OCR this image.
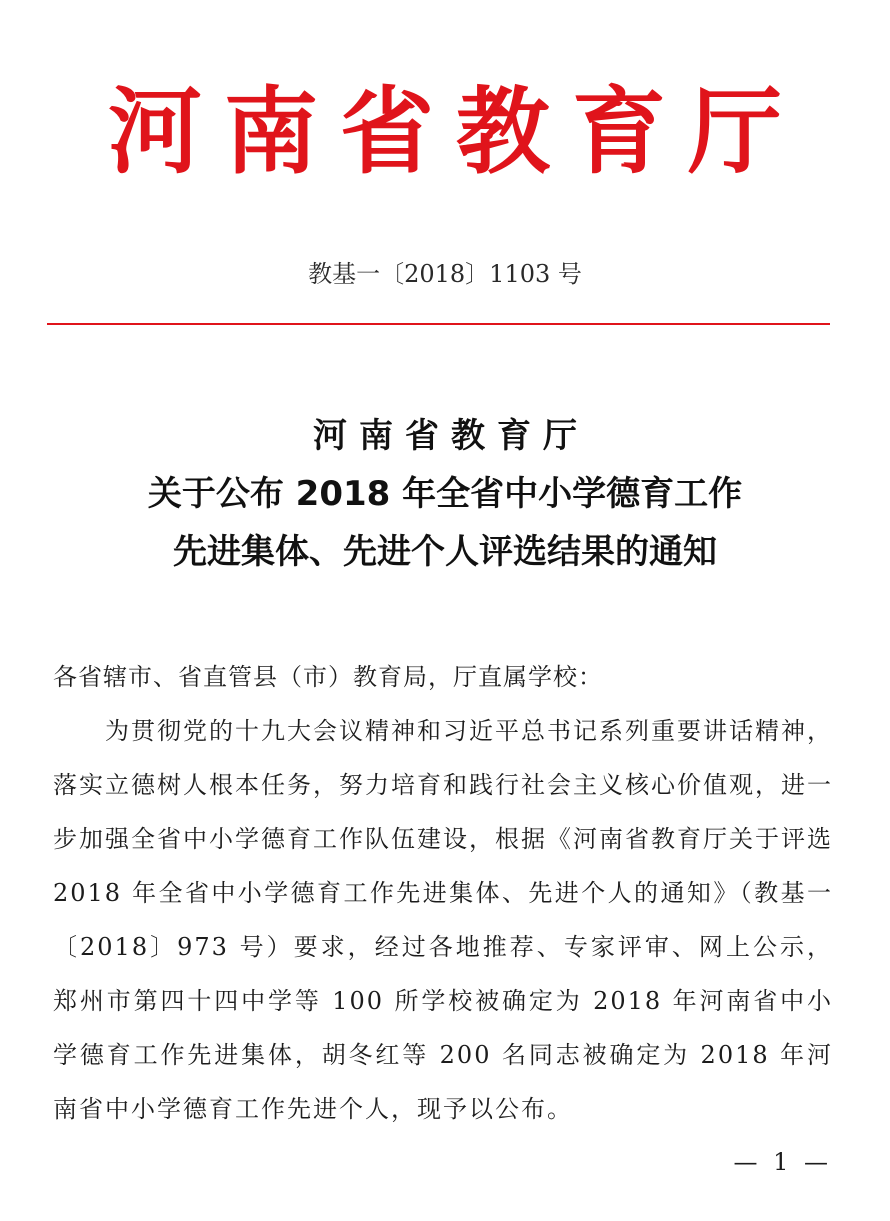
河南省教育厅
教基一〔2018〕1103 号
河南省教育厅
关于公布 2018 年全省中小学德育工作
先进集体、先进个人评选结果的通知

各省辖市、省直管县（市）教育局，厅直属学校：

为贯彻党的十九大会议精神和习近平总书记系列重要讲话精神，落实立德树人根本任务，努力培育和践行社会主义核心价值观，进一步加强全省中小学德育工作队伍建设，根据《河南省教育厅关于评选 2018 年全省中小学德育工作先进集体、先进个人的通知》（教基一〔2018〕973 号）要求，经过各地推荐、专家评审、网上公示，郑州市第四十四中学等 100 所学校被确定为 2018 年河南省中小学德育工作先进集体，胡冬红等 200 名同志被确定为 2018 年河南省中小学德育工作先进个人，现予以公布。

— 1 —
